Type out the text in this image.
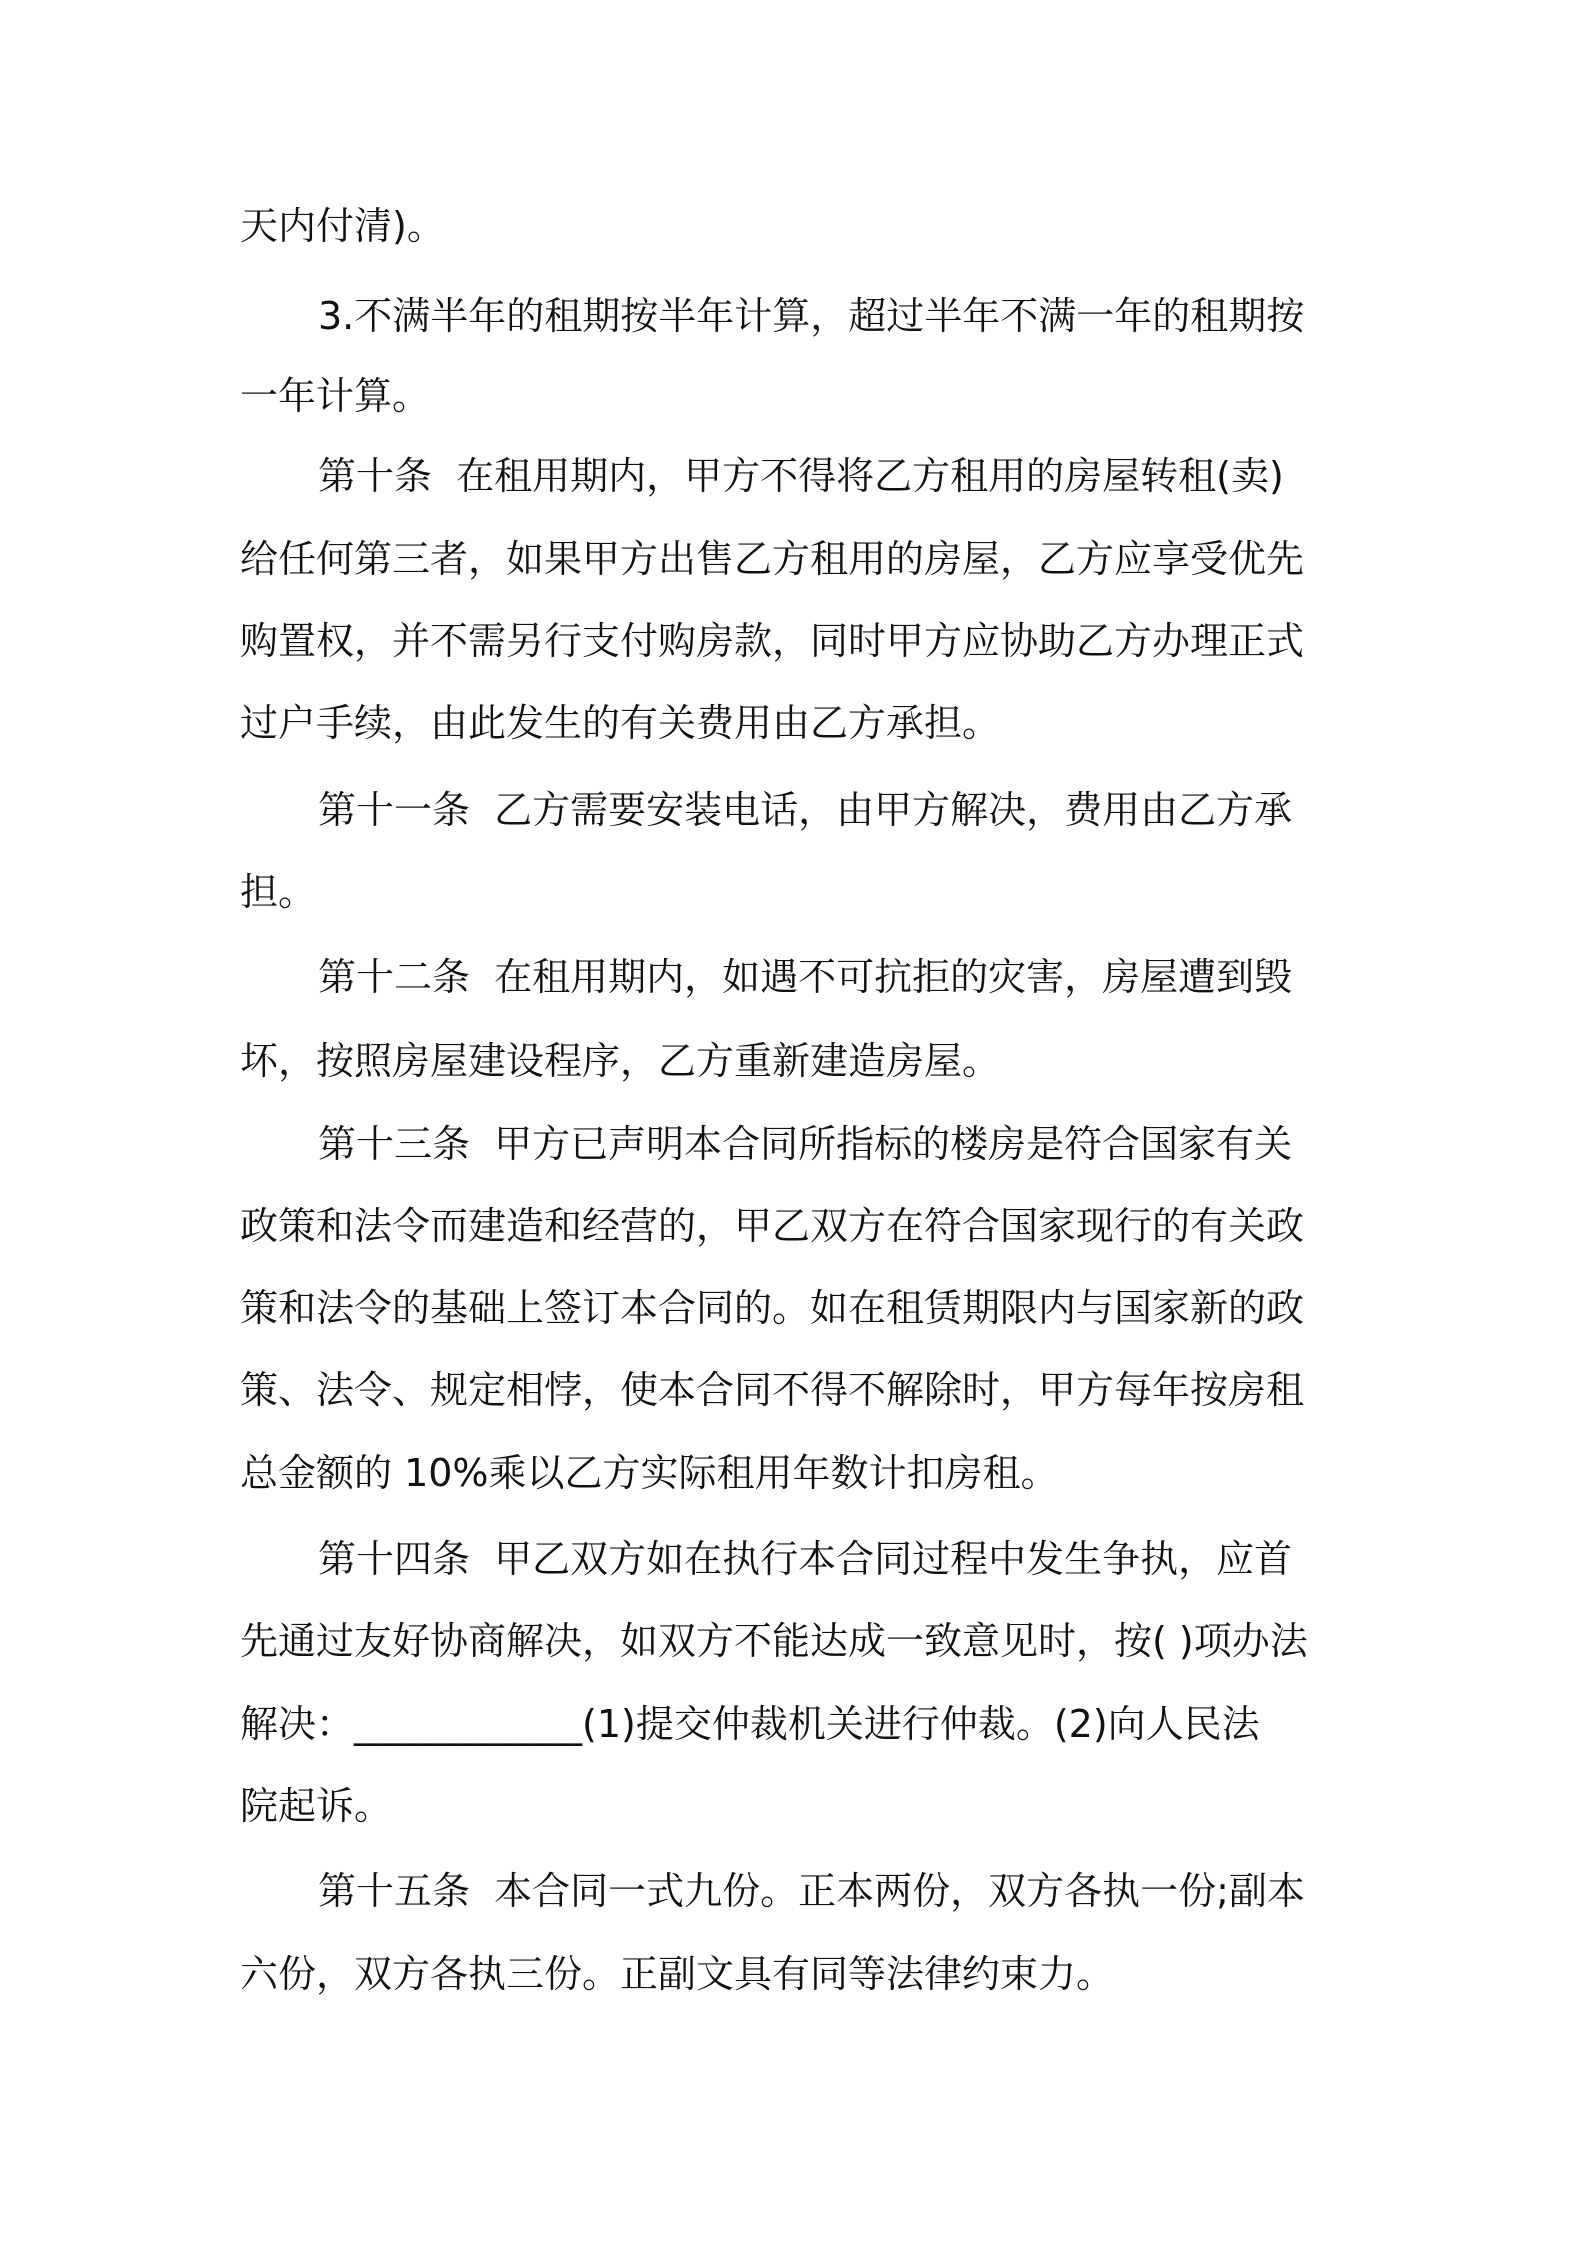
天内付清)。
3.不满半年的租期按半年计算，超过半年不满一年的租期按
一年计算。
第十条  在租用期内，甲方不得将乙方租用的房屋转租(卖)
给任何第三者，如果甲方出售乙方租用的房屋，乙方应享受优先
购置权，并不需另行支付购房款，同时甲方应协助乙方办理正式
过户手续，由此发生的有关费用由乙方承担。
第十一条  乙方需要安装电话，由甲方解决，费用由乙方承
担。
第十二条  在租用期内，如遇不可抗拒的灾害，房屋遭到毁
坏，按照房屋建设程序，乙方重新建造房屋。
第十三条  甲方已声明本合同所指标的楼房是符合国家有关
政策和法令而建造和经营的，甲乙双方在符合国家现行的有关政
策和法令的基础上签订本合同的。如在租赁期限内与国家新的政
策、法令、规定相悖，使本合同不得不解除时，甲方每年按房租
总金额的 10%乘以乙方实际租用年数计扣房租。
第十四条  甲乙双方如在执行本合同过程中发生争执，应首
先通过友好协商解决，如双方不能达成一致意见时，按( )项办法
解决：____________(1)提交仲裁机关进行仲裁。(2)向人民法
院起诉。
第十五条  本合同一式九份。正本两份，双方各执一份;副本
六份，双方各执三份。正副文具有同等法律约束力。
